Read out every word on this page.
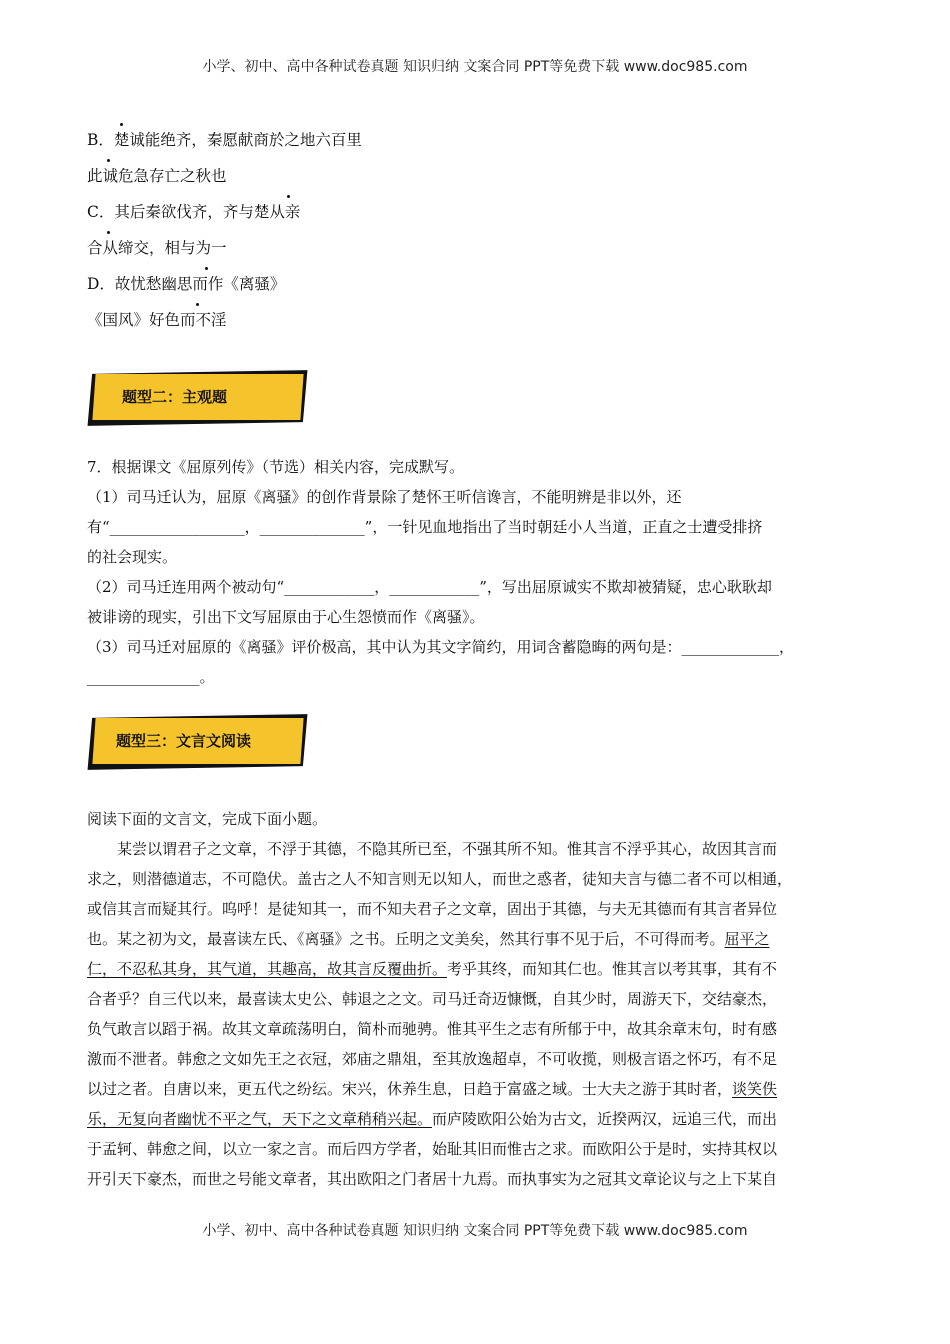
小学、初中、高中各种试卷真题 知识归纳 文案合同 PPT等免费下载 www.doc985.com
B．楚诚能绝齐，秦愿献商於之地六百里
此诚危急存亡之秋也
C．其后秦欲伐齐，齐与楚从亲
合从缔交，相与为一
D．故忧愁幽思而作《离骚》
《国风》好色而不淫
题型二：主观题
7．根据课文《屈原列传》（节选）相关内容，完成默写。
（1）司马迁认为，屈原《离骚》的创作背景除了楚怀王听信谗言，不能明辨是非以外，还
有“__________________，______________”，一针见血地指出了当时朝廷小人当道，正直之士遭受排挤
的社会现实。
（2）司马迁连用两个被动句“____________，____________”，写出屈原诚实不欺却被猜疑，忠心耿耿却
被诽谤的现实，引出下文写屈原由于心生怨愤而作《离骚》。
（3）司马迁对屈原的《离骚》评价极高，其中认为其文字简约，用词含蓄隐晦的两句是：_____________，
_______________。
题型三：文言文阅读
阅读下面的文言文，完成下面小题。
某尝以谓君子之文章，不浮于其德，不隐其所已至，不强其所不知。惟其言不浮乎其心，故因其言而
求之，则潜德道志，不可隐伏。盖古之人不知言则无以知人，而世之惑者，徒知夫言与德二者不可以相通，
或信其言而疑其行。呜呼！是徒知其一，而不知夫君子之文章，固出于其德，与夫无其德而有其言者异位
也。某之初为文，最喜读左氏、《离骚》之书。丘明之文美矣，然其行事不见于后，不可得而考。屈平之
仁，不忍私其身，其气道，其趣高，故其言反覆曲折。考乎其终，而知其仁也。惟其言以考其事，其有不
合者乎？自三代以来，最喜读太史公、韩退之之文。司马迁奇迈慷慨，自其少时，周游天下，交结豪杰，
负气敢言以蹈于祸。故其文章疏荡明白，简朴而驰骋。惟其平生之志有所郁于中，故其余章末句，时有感
激而不泄者。韩愈之文如先王之衣冠，郊庙之鼎俎，至其放逸超卓，不可收揽，则极言语之怀巧，有不足
以过之者。自唐以来，更五代之纷纭。宋兴，休养生息，日趋于富盛之域。士大夫之游于其时者，谈笑佚
乐，无复向者幽忧不平之气，天下之文章稍稍兴起。而庐陵欧阳公始为古文，近揆两汉，远追三代，而出
于孟轲、韩愈之间，以立一家之言。而后四方学者，始耻其旧而惟古之求。而欧阳公于是时，实持其权以
开引天下豪杰，而世之号能文章者，其出欧阳之门者居十九焉。而执事实为之冠其文章论议与之上下某自
小学、初中、高中各种试卷真题 知识归纳 文案合同 PPT等免费下载 www.doc985.com
